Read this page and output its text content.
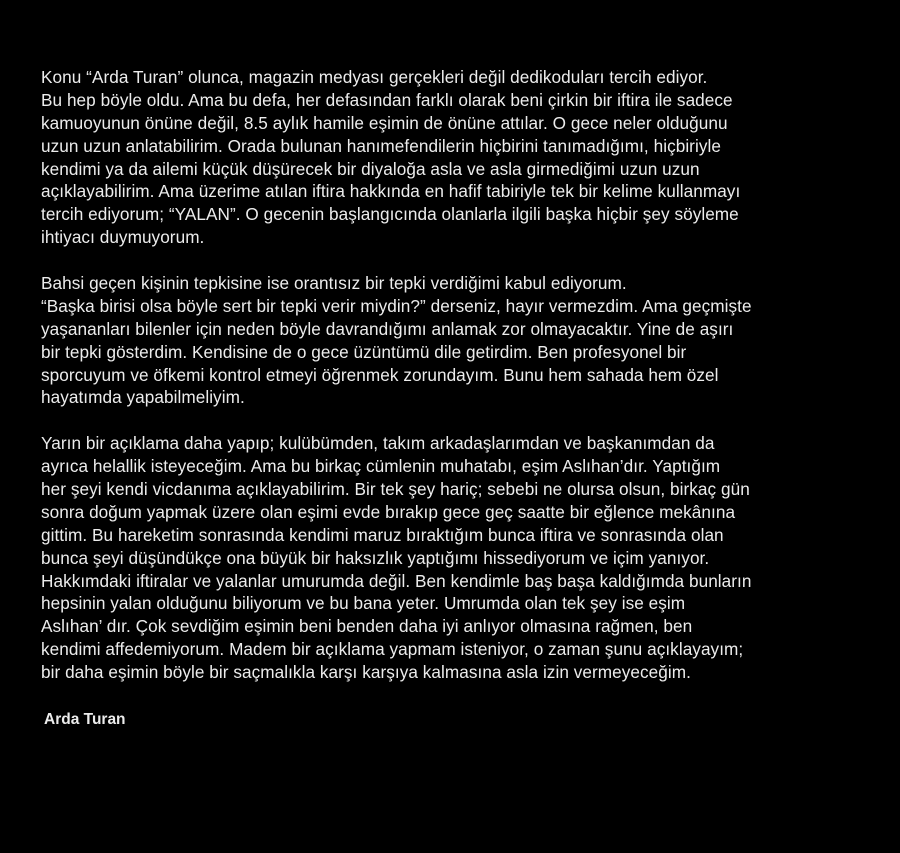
Konu “Arda Turan” olunca, magazin medyası gerçekleri değil dedikoduları tercih ediyor.
Bu hep böyle oldu. Ama bu defa, her defasından farklı olarak beni çirkin bir iftira ile sadece
kamuoyunun önüne değil, 8.5 aylık hamile eşimin de önüne attılar. O gece neler olduğunu
uzun uzun anlatabilirim. Orada bulunan hanımefendilerin hiçbirini tanımadığımı, hiçbiriyle
kendimi ya da ailemi küçük düşürecek bir diyaloğa asla ve asla girmediğimi uzun uzun
açıklayabilirim. Ama üzerime atılan iftira hakkında en hafif tabiriyle tek bir kelime kullanmayı
tercih ediyorum; “YALAN”. O gecenin başlangıcında olanlarla ilgili başka hiçbir şey söyleme
ihtiyacı duymuyorum.
Bahsi geçen kişinin tepkisine ise orantısız bir tepki verdiğimi kabul ediyorum.
“Başka birisi olsa böyle sert bir tepki verir miydin?” derseniz, hayır vermezdim. Ama geçmişte
yaşananları bilenler için neden böyle davrandığımı anlamak zor olmayacaktır. Yine de aşırı
bir tepki gösterdim. Kendisine de o gece üzüntümü dile getirdim. Ben profesyonel bir
sporcuyum ve öfkemi kontrol etmeyi öğrenmek zorundayım. Bunu hem sahada hem özel
hayatımda yapabilmeliyim.
Yarın bir açıklama daha yapıp; kulübümden, takım arkadaşlarımdan ve başkanımdan da
ayrıca helallik isteyeceğim. Ama bu birkaç cümlenin muhatabı, eşim Aslıhan’dır. Yaptığım
her şeyi kendi vicdanıma açıklayabilirim. Bir tek şey hariç; sebebi ne olursa olsun, birkaç gün
sonra doğum yapmak üzere olan eşimi evde bırakıp gece geç saatte bir eğlence mekânına
gittim. Bu hareketim sonrasında kendimi maruz bıraktığım bunca iftira ve sonrasında olan
bunca şeyi düşündükçe ona büyük bir haksızlık yaptığımı hissediyorum ve içim yanıyor.
Hakkımdaki iftiralar ve yalanlar umurumda değil. Ben kendimle baş başa kaldığımda bunların
hepsinin yalan olduğunu biliyorum ve bu bana yeter. Umrumda olan tek şey ise eşim
Aslıhan’ dır. Çok sevdiğim eşimin beni benden daha iyi anlıyor olmasına rağmen, ben
kendimi affedemiyorum. Madem bir açıklama yapmam isteniyor, o zaman şunu açıklayayım;
bir daha eşimin böyle bir saçmalıkla karşı karşıya kalmasına asla izin vermeyeceğim.
Arda Turan
